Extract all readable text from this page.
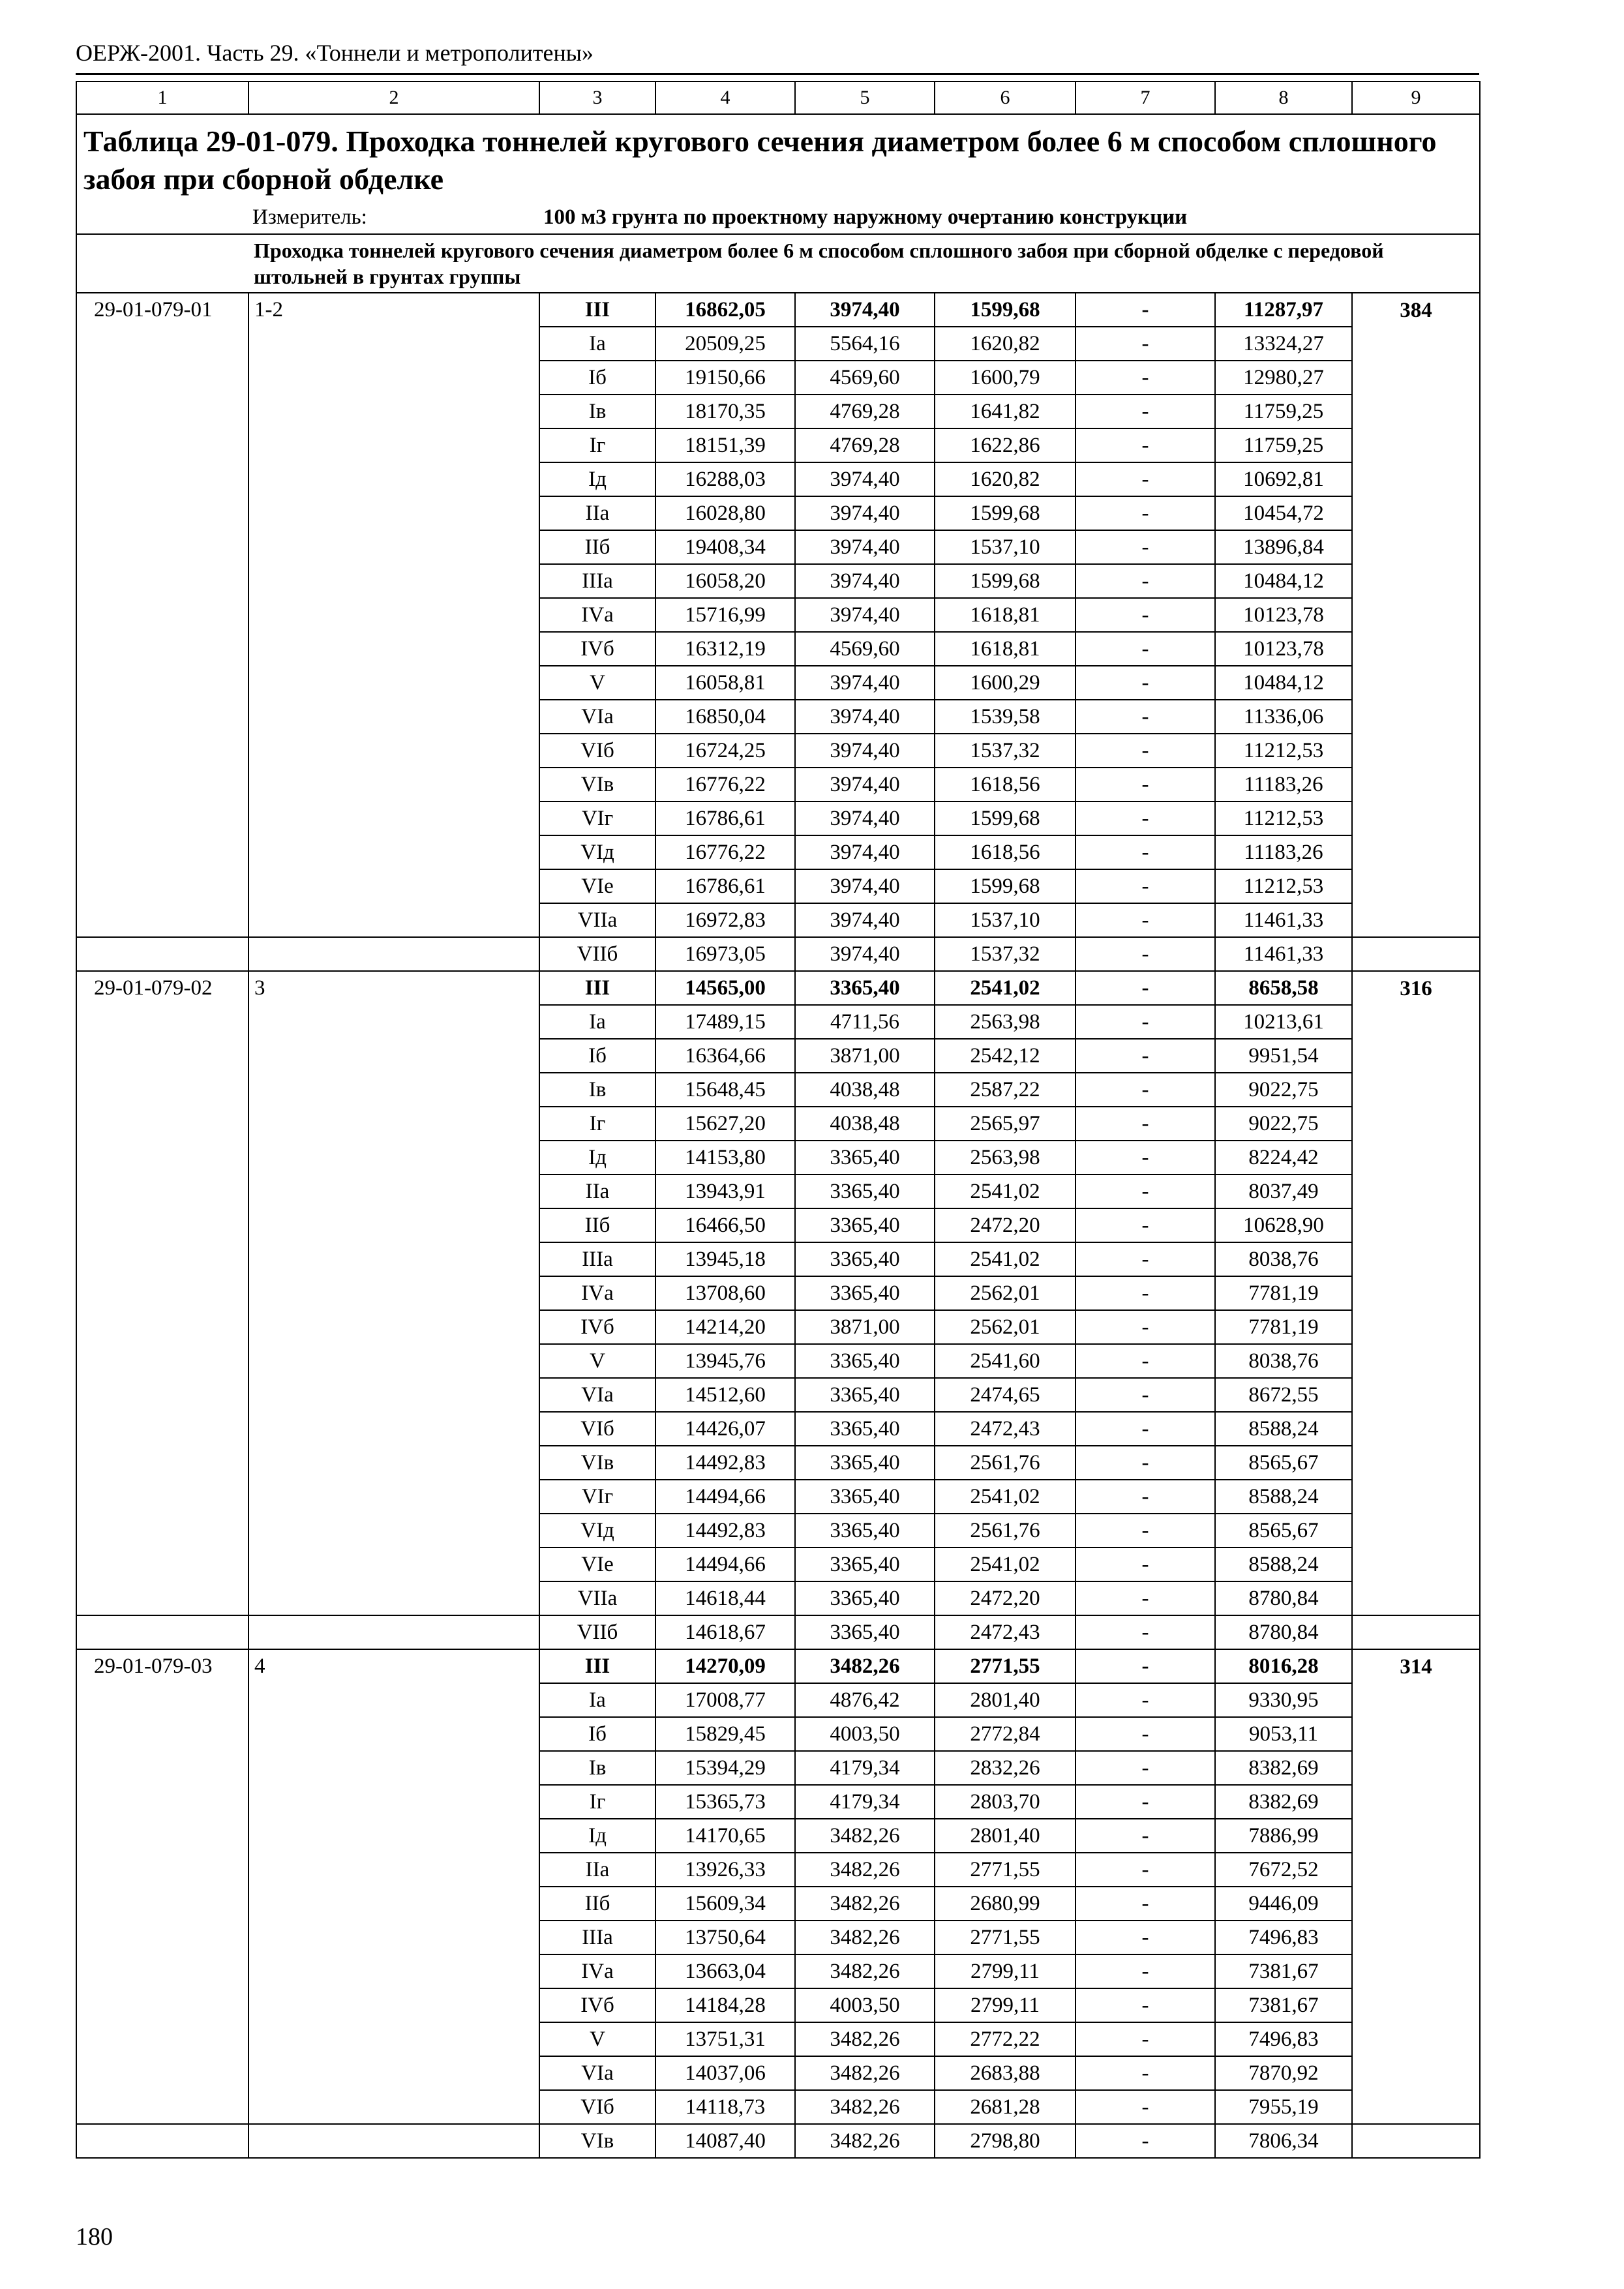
ОЕРЖ-2001. Часть 29. «Тоннели и метрополитены»
1	2	3	4	5	6	7	8	9
Таблица 29-01-079. Проходка тоннелей кругового сечения диаметром более 6 м способом сплошного забоя при сборной обделке								
	Измеритель:	100 м3 грунта по проектному наружному очертанию конструкции						
	Проходка тоннелей кругового сечения диаметром более 6 м способом сплошного забоя при сборной обделке с передовой штольней в грунтах группы							
29-01-079-01	1-2	III	16862,05	3974,40	1599,68	-	11287,97	384
		Iа	20509,25	5564,16	1620,82	-	13324,27	
		Iб	19150,66	4569,60	1600,79	-	12980,27	
		Iв	18170,35	4769,28	1641,82	-	11759,25	
		Iг	18151,39	4769,28	1622,86	-	11759,25	
		Iд	16288,03	3974,40	1620,82	-	10692,81	
		IIа	16028,80	3974,40	1599,68	-	10454,72	
		IIб	19408,34	3974,40	1537,10	-	13896,84	
		IIIа	16058,20	3974,40	1599,68	-	10484,12	
		IVа	15716,99	3974,40	1618,81	-	10123,78	
		IVб	16312,19	4569,60	1618,81	-	10123,78	
		V	16058,81	3974,40	1600,29	-	10484,12	
		VIа	16850,04	3974,40	1539,58	-	11336,06	
		VIб	16724,25	3974,40	1537,32	-	11212,53	
		VIв	16776,22	3974,40	1618,56	-	11183,26	
		VIг	16786,61	3974,40	1599,68	-	11212,53	
		VIд	16776,22	3974,40	1618,56	-	11183,26	
		VIе	16786,61	3974,40	1599,68	-	11212,53	
		VIIа	16972,83	3974,40	1537,10	-	11461,33	
		VIIб	16973,05	3974,40	1537,32	-	11461,33	
29-01-079-02	3	III	14565,00	3365,40	2541,02	-	8658,58	316
		Iа	17489,15	4711,56	2563,98	-	10213,61	
		Iб	16364,66	3871,00	2542,12	-	9951,54	
		Iв	15648,45	4038,48	2587,22	-	9022,75	
		Iг	15627,20	4038,48	2565,97	-	9022,75	
		Iд	14153,80	3365,40	2563,98	-	8224,42	
		IIа	13943,91	3365,40	2541,02	-	8037,49	
		IIб	16466,50	3365,40	2472,20	-	10628,90	
		IIIа	13945,18	3365,40	2541,02	-	8038,76	
		IVа	13708,60	3365,40	2562,01	-	7781,19	
		IVб	14214,20	3871,00	2562,01	-	7781,19	
		V	13945,76	3365,40	2541,60	-	8038,76	
		VIа	14512,60	3365,40	2474,65	-	8672,55	
		VIб	14426,07	3365,40	2472,43	-	8588,24	
		VIв	14492,83	3365,40	2561,76	-	8565,67	
		VIг	14494,66	3365,40	2541,02	-	8588,24	
		VIд	14492,83	3365,40	2561,76	-	8565,67	
		VIе	14494,66	3365,40	2541,02	-	8588,24	
		VIIа	14618,44	3365,40	2472,20	-	8780,84	
		VIIб	14618,67	3365,40	2472,43	-	8780,84	
29-01-079-03	4	III	14270,09	3482,26	2771,55	-	8016,28	314
		Iа	17008,77	4876,42	2801,40	-	9330,95	
		Iб	15829,45	4003,50	2772,84	-	9053,11	
		Iв	15394,29	4179,34	2832,26	-	8382,69	
		Iг	15365,73	4179,34	2803,70	-	8382,69	
		Iд	14170,65	3482,26	2801,40	-	7886,99	
		IIа	13926,33	3482,26	2771,55	-	7672,52	
		IIб	15609,34	3482,26	2680,99	-	9446,09	
		IIIа	13750,64	3482,26	2771,55	-	7496,83	
		IVа	13663,04	3482,26	2799,11	-	7381,67	
		IVб	14184,28	4003,50	2799,11	-	7381,67	
		V	13751,31	3482,26	2772,22	-	7496,83	
		VIа	14037,06	3482,26	2683,88	-	7870,92	
		VIб	14118,73	3482,26	2681,28	-	7955,19	
		VIв	14087,40	3482,26	2798,80	-	7806,34	
180
